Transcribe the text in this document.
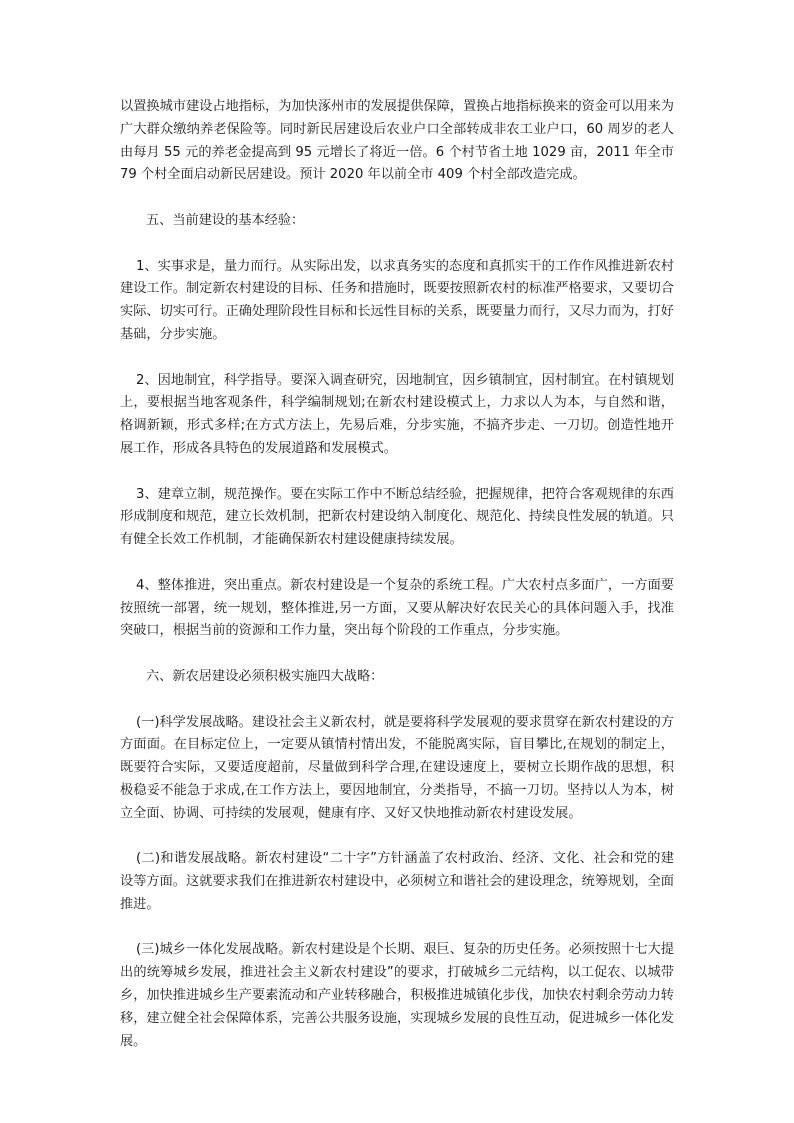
以置换城市建设占地指标，为加快涿州市的发展提供保障，置换占地指标换来的资金可以用来为广大群众缴纳养老保险等。同时新民居建设后农业户口全部转成非农工业户口，60 周岁的老人由每月 55 元的养老金提高到 95 元增长了将近一倍。6 个村节省土地 1029 亩，2011 年全市 79 个村全面启动新民居建设。预计 2020 年以前全市 409 个村全部改造完成。

五、当前建设的基本经验：

1、实事求是，量力而行。从实际出发，以求真务实的态度和真抓实干的工作作风推进新农村建设工作。制定新农村建设的目标、任务和措施时，既要按照新农村的标准严格要求，又要切合实际、切实可行。正确处理阶段性目标和长远性目标的关系，既要量力而行，又尽力而为，打好基础，分步实施。

2、因地制宜，科学指导。要深入调查研究，因地制宜，因乡镇制宜，因村制宜。在村镇规划上，要根据当地客观条件，科学编制规划;在新农村建设模式上，力求以人为本，与自然和谐，格调新颖，形式多样;在方式方法上，先易后难，分步实施，不搞齐步走、一刀切。创造性地开展工作，形成各具特色的发展道路和发展模式。

3、建章立制，规范操作。要在实际工作中不断总结经验，把握规律，把符合客观规律的东西形成制度和规范，建立长效机制，把新农村建设纳入制度化、规范化、持续良性发展的轨道。只有健全长效工作机制，才能确保新农村建设健康持续发展。

4、整体推进，突出重点。新农村建设是一个复杂的系统工程。广大农村点多面广，一方面要按照统一部署，统一规划，整体推进,另一方面，又要从解决好农民关心的具体问题入手，找准突破口，根据当前的资源和工作力量，突出每个阶段的工作重点，分步实施。

六、新农居建设必须积极实施四大战略：

(一)科学发展战略。建设社会主义新农村，就是要将科学发展观的要求贯穿在新农村建设的方方面面。在目标定位上，一定要从镇情村情出发，不能脱离实际，盲目攀比,在规划的制定上，既要符合实际，又要适度超前，尽量做到科学合理,在建设速度上，要树立长期作战的思想，积极稳妥不能急于求成,在工作方法上，要因地制宜，分类指导，不搞一刀切。坚持以人为本，树立全面、协调、可持续的发展观，健康有序、又好又快地推动新农村建设发展。

(二)和谐发展战略。新农村建设“二十字”方针涵盖了农村政治、经济、文化、社会和党的建设等方面。这就要求我们在推进新农村建设中，必须树立和谐社会的建设理念，统筹规划，全面推进。

(三)城乡一体化发展战略。新农村建设是个长期、艰巨、复杂的历史任务。必须按照十七大提出的统筹城乡发展，推进社会主义新农村建设”的要求，打破城乡二元结构，以工促农、以城带乡，加快推进城乡生产要素流动和产业转移融合，积极推进城镇化步伐，加快农村剩余劳动力转移，建立健全社会保障体系，完善公共服务设施，实现城乡发展的良性互动，促进城乡一体化发展。
